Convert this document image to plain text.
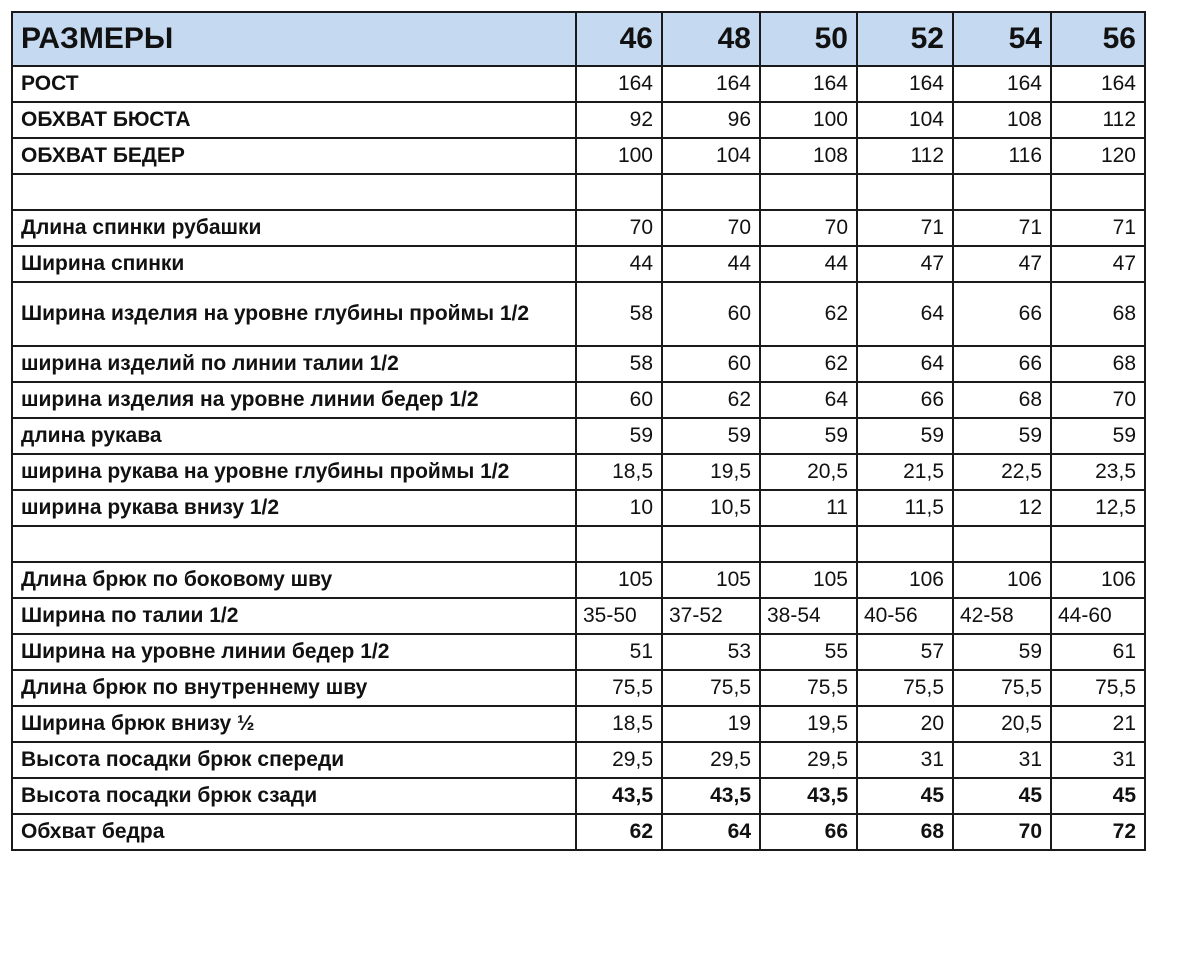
РАЗМЕРЫ	46	48	50	52	54	56
РОСТ	164	164	164	164	164	164
ОБХВАТ БЮСТА	92	96	100	104	108	112
ОБХВАТ БЕДЕР	100	104	108	112	116	120

Длина спинки рубашки	70	70	70	71	71	71
Ширина спинки	44	44	44	47	47	47
Ширина изделия на уровне глубины проймы 1/2	58	60	62	64	66	68
ширина изделий по линии талии 1/2	58	60	62	64	66	68
ширина изделия на уровне линии бедер 1/2	60	62	64	66	68	70
длина рукава	59	59	59	59	59	59
ширина рукава на уровне глубины проймы 1/2	18,5	19,5	20,5	21,5	22,5	23,5
ширина рукава внизу 1/2	10	10,5	11	11,5	12	12,5

Длина брюк по боковому шву	105	105	105	106	106	106
Ширина по талии 1/2	35-50	37-52	38-54	40-56	42-58	44-60
Ширина на уровне линии бедер 1/2	51	53	55	57	59	61
Длина брюк по внутреннему шву	75,5	75,5	75,5	75,5	75,5	75,5
Ширина брюк внизу ½	18,5	19	19,5	20	20,5	21
Высота посадки брюк спереди	29,5	29,5	29,5	31	31	31
Высота посадки брюк сзади	43,5	43,5	43,5	45	45	45
Обхват бедра	62	64	66	68	70	72
